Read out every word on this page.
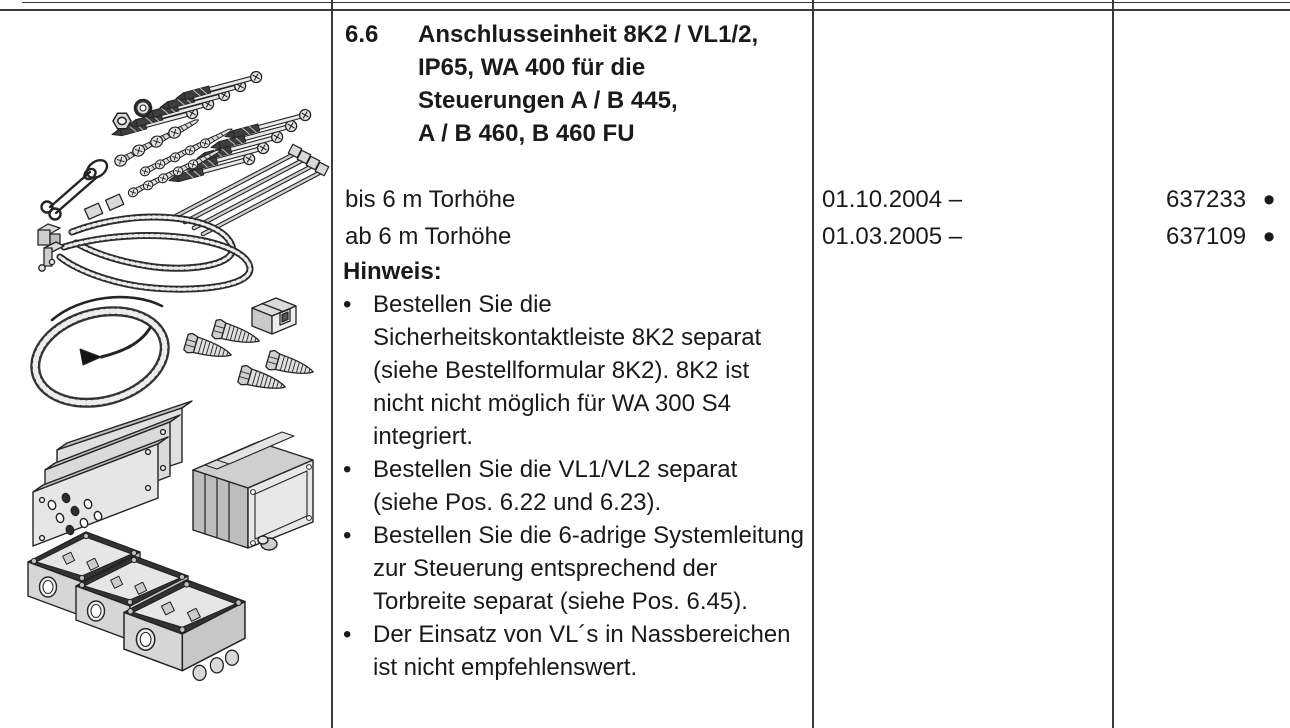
6.6 Anschlusseinheit 8K2 / VL1/2,
IP65, WA 400 für die
Steuerungen A / B 445,
A / B 460, B 460 FU
bis 6 m Torhöhe
ab 6 m Torhöhe
Hinweis:
• Bestellen Sie die Sicherheitskontaktleiste 8K2 separat (siehe Bestellformular 8K2). 8K2 ist nicht nicht möglich für WA 300 S4 integriert.
• Bestellen Sie die VL1/VL2 separat (siehe Pos. 6.22 und 6.23).
• Bestellen Sie die 6-adrige Systemleitung zur Steuerung entsprechend der Torbreite separat (siehe Pos. 6.45).
• Der Einsatz von VL´s in Nassbereichen ist nicht empfehlenswert.
01.10.2004 –
01.03.2005 –
637233 •
637109 •
